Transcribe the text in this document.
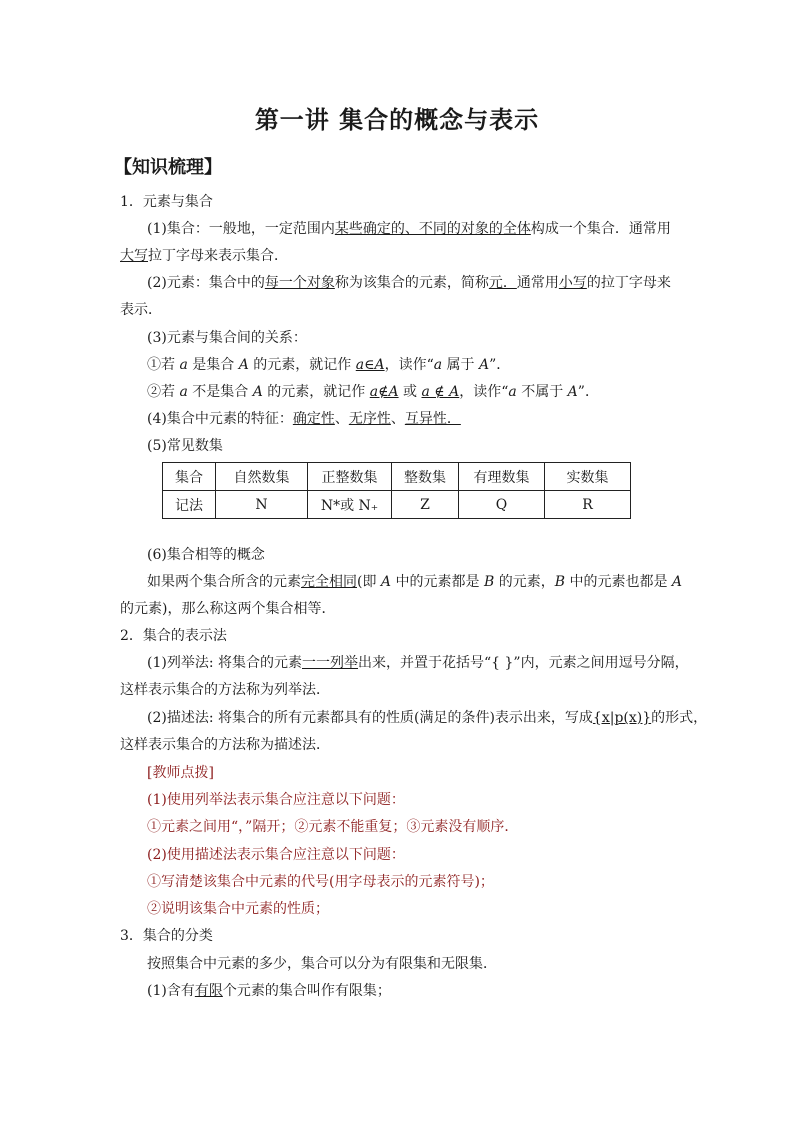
第一讲 集合的概念与表示
【知识梳理】
1．元素与集合
(1)集合：一般地，一定范围内某些确定的、不同的对象的全体构成一个集合．通常用
大写拉丁字母来表示集合．
(2)元素：集合中的每一个对象称为该集合的元素，简称元．通常用小写的拉丁字母来
表示．
(3)元素与集合间的关系：
①若 a 是集合 A 的元素，就记作 a∈A，读作“a 属于 A”．
②若 a 不是集合 A 的元素，就记作 a∉A 或 a ∉ A，读作“a 不属于 A”．
(4)集合中元素的特征：确定性、无序性、互异性．
(5)常见数集
集合	自然数集	正整数集	整数集	有理数集	实数集
记法	N	N*或 N₊	Z	Q	R
(6)集合相等的概念
如果两个集合所含的元素完全相同(即 A 中的元素都是 B 的元素，B 中的元素也都是 A
的元素)，那么称这两个集合相等．
2．集合的表示法
(1)列举法: 将集合的元素一一列举出来，并置于花括号“{ }”内，元素之间用逗号分隔，
这样表示集合的方法称为列举法．
(2)描述法: 将集合的所有元素都具有的性质(满足的条件)表示出来，写成{x|p(x)}的形式，
这样表示集合的方法称为描述法．
[教师点拨]
(1)使用列举法表示集合应注意以下问题：
①元素之间用“，”隔开；②元素不能重复；③元素没有顺序．
(2)使用描述法表示集合应注意以下问题：
①写清楚该集合中元素的代号(用字母表示的元素符号)；
②说明该集合中元素的性质；
3．集合的分类
按照集合中元素的多少，集合可以分为有限集和无限集．
(1)含有有限个元素的集合叫作有限集；
